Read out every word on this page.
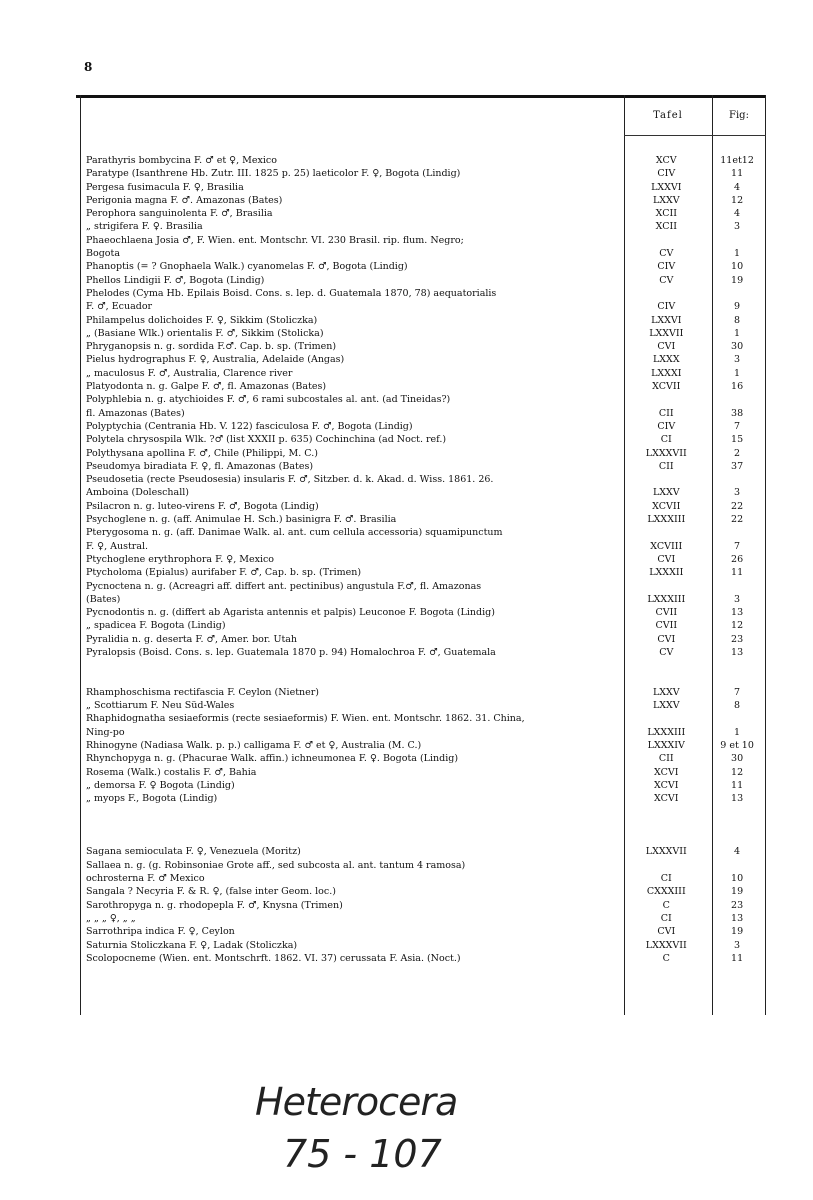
8
Tafel	Fig:
Parathyris bombycina F. ♂ et ♀, Mexico	XCV	11et12
Paratype (Isanthrene Hb. Zutr. III. 1825 p. 25) laeticolor F. ♀, Bogota (Lindig)	CIV	11
Pergesa fusimacula F. ♀, Brasilia	LXXVI	4
Perigonia magna F. ♂. Amazonas (Bates)	LXXV	12
Perophora sanguinolenta F. ♂, Brasilia	XCII	4
„ strigifera F. ♀. Brasilia	XCII	3
Phaeochlaena Josia ♂, F. Wien. ent. Montschr. VI. 230 Brasil. rip. flum. Negro;
Bogota	CV	1
Phanoptis (= ? Gnophaela Walk.) cyanomelas F. ♂, Bogota (Lindig)	CIV	10
Phellos Lindigii F. ♂, Bogota (Lindig)	CV	19
Phelodes (Cyma Hb. Epilais Boisd. Cons. s. lep. d. Guatemala 1870, 78) aequatorialis
F. ♂, Ecuador	CIV	9
Philampelus dolichoides F. ♀, Sikkim (Stoliczka)	LXXVI	8
„ (Basiane Wlk.) orientalis F. ♂, Sikkim (Stolicka)	LXXVII	1
Phryganopsis n. g. sordida F.♂. Cap. b. sp. (Trimen)	CVI	30
Pielus hydrographus F. ♀, Australia, Adelaide (Angas)	LXXX	3
„ maculosus F. ♂, Australia, Clarence river	LXXXI	1
Platyodonta n. g. Galpe F. ♂, fl. Amazonas (Bates)	XCVII	16
Polyphlebia n. g. atychioides F. ♂, 6 rami subcostales al. ant. (ad Tineidas?)
fl. Amazonas (Bates)	CII	38
Polyptychia (Centrania Hb. V. 122) fasciculosa F. ♂, Bogota (Lindig)	CIV	7
Polytela chrysospila Wlk. ?♂ (list XXXII p. 635) Cochinchina (ad Noct. ref.)	CI	15
Polythysana apollina F. ♂, Chile (Philippi, M. C.)	LXXXVII	2
Pseudomya biradiata F. ♀, fl. Amazonas (Bates)	CII	37
Pseudosetia (recte Pseudosesia) insularis F. ♂, Sitzber. d. k. Akad. d. Wiss. 1861. 26.
Amboina (Doleschall)	LXXV	3
Psilacron n. g. luteo-virens F. ♂, Bogota (Lindig)	XCVII	22
Psychoglene n. g. (aff. Animulae H. Sch.) basinigra F. ♂. Brasilia	LXXXIII	22
Pterygosoma n. g. (aff. Danimae Walk. al. ant. cum cellula accessoria) squamipunctum
F. ♀, Austral.	XCVIII	7
Ptychoglene erythrophora F. ♀, Mexico	CVI	26
Ptycholoma (Epialus) aurifaber F. ♂, Cap. b. sp. (Trimen)	LXXXII	11
Pycnoctena n. g. (Acreagri aff. differt ant. pectinibus) angustula F.♂, fl. Amazonas
(Bates)	LXXXIII	3
Pycnodontis n. g. (differt ab Agarista antennis et palpis) Leuconoe F. Bogota (Lindig)	CVII	13
„ spadicea F. Bogota (Lindig)	CVII	12
Pyralidia n. g. deserta F. ♂, Amer. bor. Utah	CVI	23
Pyralopsis (Boisd. Cons. s. lep. Guatemala 1870 p. 94) Homalochroa F. ♂, Guatemala	CV	13
Rhamphoschisma rectifascia F. Ceylon (Nietner)	LXXV	7
„ Scottiarum F. Neu Süd-Wales	LXXV	8
Rhaphidognatha sesiaeformis (recte sesiaeformis) F. Wien. ent. Montschr. 1862. 31. China,
Ning-po	LXXXIII	1
Rhinogyne (Nadiasa Walk. p. p.) calligama F. ♂ et ♀, Australia (M. C.)	LXXXIV	9 et 10
Rhynchopyga n. g. (Phacurae Walk. affin.) ichneumonea F. ♀. Bogota (Lindig)	CII	30
Rosema (Walk.) costalis F. ♂, Bahia	XCVI	12
„ demorsa F. ♀ Bogota (Lindig)	XCVI	11
„ myops F., Bogota (Lindig)	XCVI	13
Sagana semioculata F. ♀, Venezuela (Moritz)	LXXXVII	4
Sallaea n. g. (g. Robinsoniae Grote aff., sed subcosta al. ant. tantum 4 ramosa)
ochrosterna F. ♂ Mexico	CI	10
Sangala ? Necyria F. & R. ♀, (false inter Geom. loc.)	CXXXIII	19
Sarothropyga n. g. rhodopepla F. ♂, Knysna (Trimen)	C	23
„ „ „ ♀, „ „	CI	13
Sarrothripa indica F. ♀, Ceylon	CVI	19
Saturnia Stoliczkana F. ♀, Ladak (Stoliczka)	LXXXVII	3
Scolopocneme (Wien. ent. Montschrft. 1862. VI. 37) cerussata F. Asia. (Noct.)	C	11
Heterocera
75 - 107
